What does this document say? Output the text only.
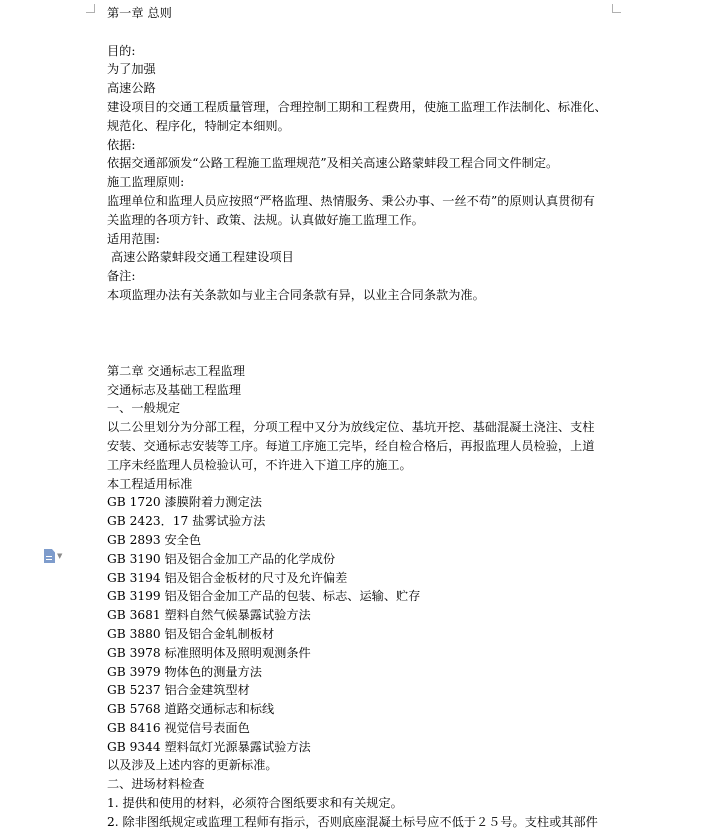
▼
第一章 总则
目的:
为了加强
高速公路
建设项目的交通工程质量管理，合理控制工期和工程费用，使施工监理工作法制化、标准化、
规范化、程序化，特制定本细则。
依据:
依据交通部颁发“公路工程施工监理规范”及相关高速公路蒙蚌段工程合同文件制定。
施工监理原则:
监理单位和监理人员应按照“严格监理、热情服务、秉公办事、一丝不苟”的原则认真贯彻有
关监理的各项方针、政策、法规。认真做好施工监理工作。
适用范围:
高速公路蒙蚌段交通工程建设项目
备注:
本项监理办法有关条款如与业主合同条款有异，以业主合同条款为准。
第二章 交通标志工程监理
交通标志及基础工程监理
一、一般规定
以二公里划分为分部工程，分项工程中又分为放线定位、基坑开挖、基础混凝土浇注、支柱
安装、交通标志安装等工序。每道工序施工完毕，经自检合格后，再报监理人员检验，上道
工序未经监理人员检验认可，不许进入下道工序的施工。
本工程适用标准
GB 1720 漆膜附着力测定法
GB 2423．17 盐雾试验方法
GB 2893 安全色
GB 3190 铝及铝合金加工产品的化学成份
GB 3194 铝及铝合金板材的尺寸及允许偏差
GB 3199 铝及铝合金加工产品的包装、标志、运输、贮存
GB 3681 塑料自然气候暴露试验方法
GB 3880 铝及铝合金轧制板材
GB 3978 标准照明体及照明观测条件
GB 3979 物体色的测量方法
GB 5237 铝合金建筑型材
GB 5768 道路交通标志和标线
GB 8416 视觉信号表面色
GB 9344 塑料氙灯光源暴露试验方法
以及涉及上述内容的更新标准。
二、进场材料检查
1. 提供和使用的材料，必须符合图纸要求和有关规定。
2. 除非图纸规定或监理工程师有指示，否则底座混凝土标号应不低于２５号。支柱或其部件
